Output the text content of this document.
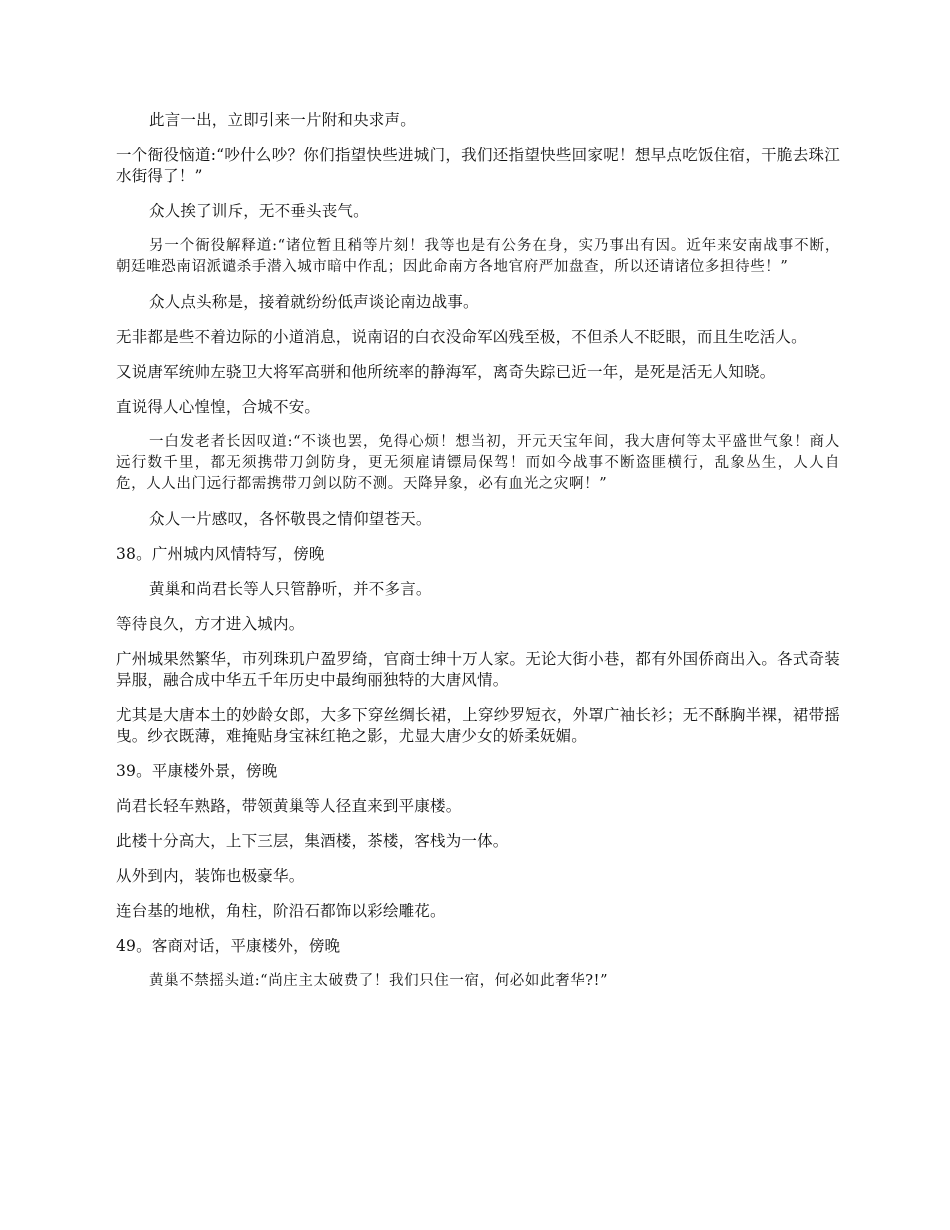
此言一出，立即引来一片附和央求声。

一个衙役恼道:“吵什么吵？你们指望快些进城门，我们还指望快些回家呢！想早点吃饭住宿，干脆去珠江水街得了！”

众人挨了训斥，无不垂头丧气。

另一个衙役解释道:“诸位暂且稍等片刻！我等也是有公务在身，实乃事出有因。近年来安南战事不断，朝廷唯恐南诏派谴杀手潜入城市暗中作乱；因此命南方各地官府严加盘查，所以还请诸位多担待些！”

众人点头称是，接着就纷纷低声谈论南边战事。

无非都是些不着边际的小道消息，说南诏的白衣没命军凶残至极，不但杀人不眨眼，而且生吃活人。

又说唐军统帅左骁卫大将军高骈和他所统率的静海军，离奇失踪已近一年，是死是活无人知晓。

直说得人心惶惶，合城不安。

一白发老者长因叹道:“不谈也罢，免得心烦！想当初，开元天宝年间，我大唐何等太平盛世气象！商人远行数千里，都无须携带刀剑防身，更无须雇请镖局保驾！而如今战事不断盗匪横行，乱象丛生，人人自危，人人出门远行都需携带刀剑以防不测。天降异象，必有血光之灾啊！”

众人一片感叹，各怀敬畏之情仰望苍天。

38。广州城内风情特写，傍晚

黄巢和尚君长等人只管静听，并不多言。

等待良久，方才进入城内。

广州城果然繁华，市列珠玑户盈罗绮，官商士绅十万人家。无论大街小巷，都有外国侨商出入。各式奇装异服，融合成中华五千年历史中最绚丽独特的大唐风情。

尤其是大唐本土的妙龄女郎，大多下穿丝绸长裙，上穿纱罗短衣，外罩广袖长衫；无不酥胸半裸，裙带摇曳。纱衣既薄，难掩贴身宝袜红艳之影，尤显大唐少女的娇柔妩媚。

39。平康楼外景，傍晚

尚君长轻车熟路，带领黄巢等人径直来到平康楼。

此楼十分高大，上下三层，集酒楼，茶楼，客栈为一体。

从外到内，装饰也极豪华。

连台基的地栿，角柱，阶沿石都饰以彩绘雕花。

49。客商对话，平康楼外，傍晚

黄巢不禁摇头道:“尚庄主太破费了！我们只住一宿，何必如此奢华?!”
